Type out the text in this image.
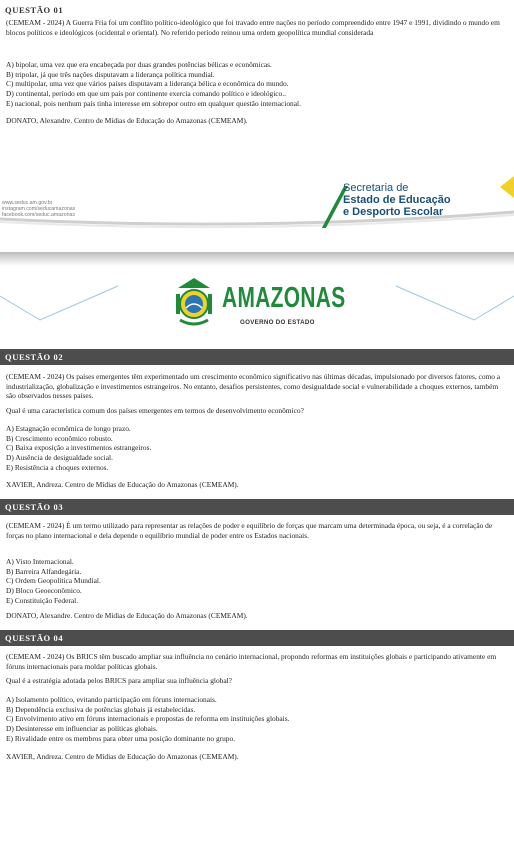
QUESTÃO 01

(CEMEAM - 2024) A Guerra Fria foi um conflito político-ideológico que foi travado entre nações no período compreendido entre 1947 e 1991, dividindo o mundo em blocos políticos e ideológicos (ocidental e oriental). No referido período reinou uma ordem geopolítica mundial considerada

A) bipolar, uma vez que era encabeçada por duas grandes potências bélicas e econômicas.

B) tripolar, já que três nações disputavam a liderança política mundial.

C) multipolar, uma vez que vários países disputavam a liderança bélica e econômica do mundo.

D) continental, período em que um país por continente exercia comando político e ideológico..

E) nacional, pois nenhum país tinha interesse em sobrepor outro em qualquer questão internacional.

DONATO, Alexandre. Centro de Mídias de Educação do Amazonas (CEMEAM).

www.seduc.am.gov.br
instagram.com/seducamazonas
facebook.com/seduc.amazonas
Secretaria de
Estado de Educação
e Desporto Escolar
AMAZONAS
GOVERNO DO ESTADO
QUESTÃO 02

(CEMEAM - 2024) Os países emergentes têm experimentado um crescimento econômico significativo nas últimas décadas, impulsionado por diversos fatores, como a industrialização, globalização e investimentos estrangeiros. No entanto, desafios persistentes, como desigualdade social e vulnerabilidade a choques externos, também são observados nesses países.

Qual é uma característica comum dos países emergentes em termos de desenvolvimento econômico?

A) Estagnação econômica de longo prazo.

B) Crescimento econômico robusto.

C) Baixa exposição a investimentos estrangeiros.

D) Ausência de desigualdade social.

E) Resistência a choques externos.

XAVIER, Andreza. Centro de Mídias de Educação do Amazonas (CEMEAM).

QUESTÃO 03

(CEMEAM - 2024) É um termo utilizado para representar as relações de poder e equilíbrio de forças que marcam uma determinada época, ou seja, é a correlação de forças no plano internacional e dela depende o equilíbrio mundial de poder entre os Estados nacionais.

A) Visto Internacional.

B) Barreira Alfandegária.

C) Ordem Geopolítica Mundial.

D) Bloco Geoeconômico.

E) Constituição Federal.

DONATO, Alexandre. Centro de Mídias de Educação do Amazonas (CEMEAM).

QUESTÃO 04

(CEMEAM - 2024) Os BRICS têm buscado ampliar sua influência no cenário internacional, propondo reformas em instituições globais e participando ativamente em fóruns internacionais para moldar políticas globais.

Qual é a estratégia adotada pelos BRICS para ampliar sua influência global?

A) Isolamento político, evitando participação em fóruns internacionais.

B) Dependência exclusiva de potências globais já estabelecidas.

C) Envolvimento ativo em fóruns internacionais e propostas de reforma em instituições globais.

D) Desinteresse em influenciar as políticas globais.

E) Rivalidade entre os membros para obter uma posição dominante no grupo.

XAVIER, Andreza. Centro de Mídias de Educação do Amazonas (CEMEAM).
